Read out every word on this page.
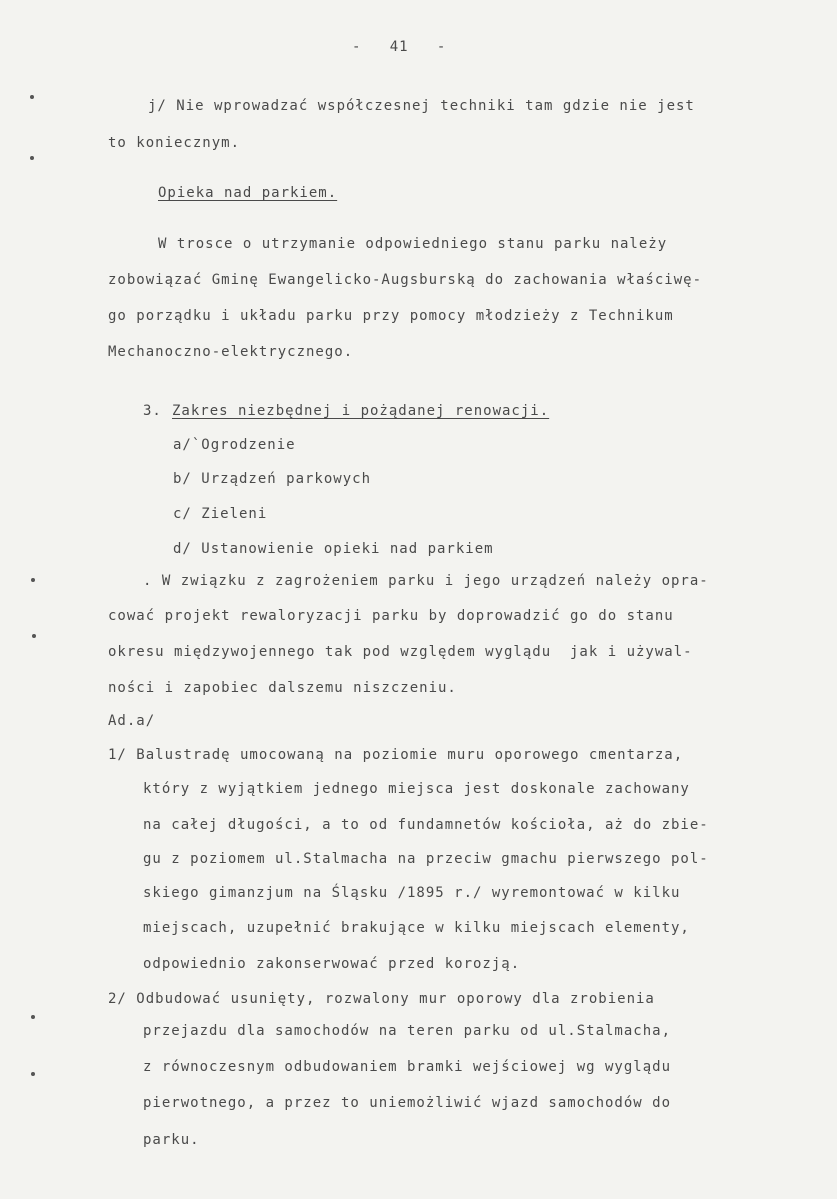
-   41   -
j/ Nie wprowadzać współczesnej techniki tam gdzie nie jest
to koniecznym.
Opieka nad parkiem.
W trosce o utrzymanie odpowiedniego stanu parku należy
zobowiązać Gminę Ewangelicko-Augsburską do zachowania właściwę-
go porządku i układu parku przy pomocy młodzieży z Technikum
Mechanoczno-elektrycznego.
3. Zakres niezbędnej i pożądanej renowacji.
a/`Ogrodzenie
b/ Urządzeń parkowych
c/ Zieleni
d/ Ustanowienie opieki nad parkiem
. W związku z zagrożeniem parku i jego urządzeń należy opra-
cować projekt rewaloryzacji parku by doprowadzić go do stanu
okresu międzywojennego tak pod względem wyglądu  jak i używal-
ności i zapobiec dalszemu niszczeniu.
Ad.a/
1/ Balustradę umocowaną na poziomie muru oporowego cmentarza,
który z wyjątkiem jednego miejsca jest doskonale zachowany
na całej długości, a to od fundamnetów kościoła, aż do zbie-
gu z poziomem ul.Stalmacha na przeciw gmachu pierwszego pol-
skiego gimanzjum na Śląsku /1895 r./ wyremontować w kilku
miejscach, uzupełnić brakujące w kilku miejscach elementy,
odpowiednio zakonserwować przed korozją.
2/ Odbudować usunięty, rozwalony mur oporowy dla zrobienia
przejazdu dla samochodów na teren parku od ul.Stalmacha,
z równoczesnym odbudowaniem bramki wejściowej wg wyglądu
pierwotnego, a przez to uniemożliwić wjazd samochodów do
parku.
